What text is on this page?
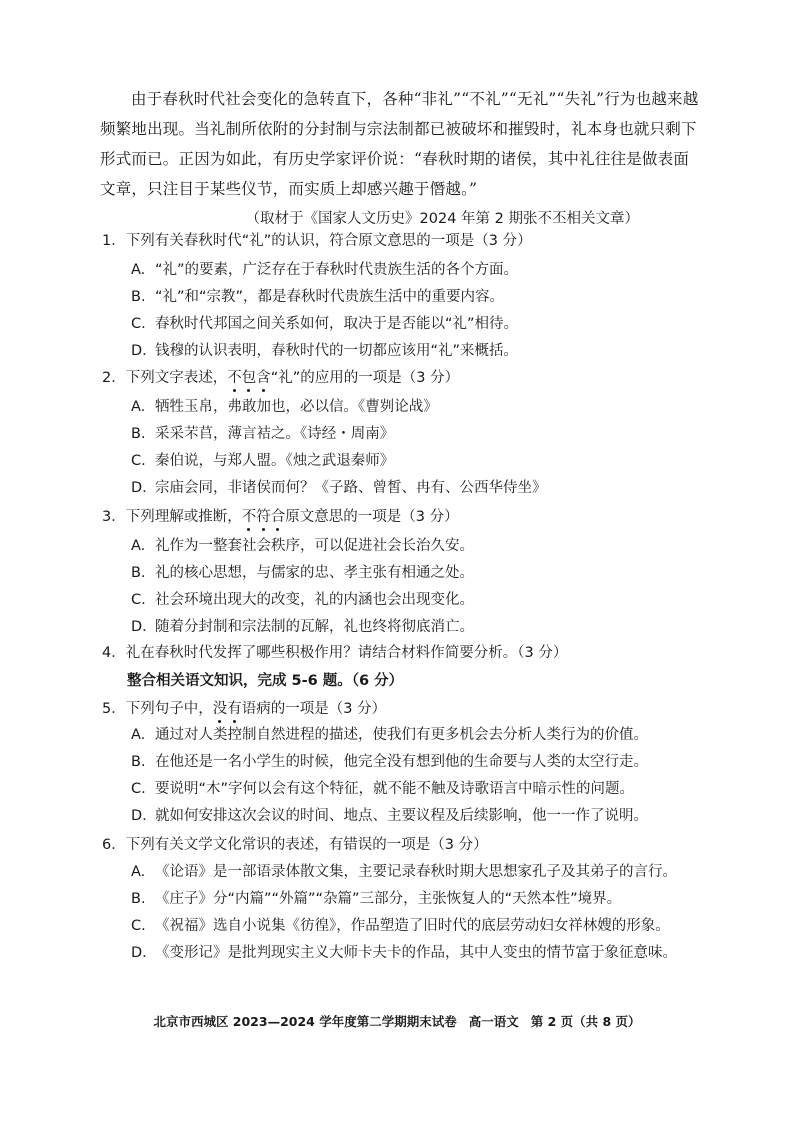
由于春秋时代社会变化的急转直下，各种“非礼”“不礼”“无礼”“失礼”行为也越来越频繁地出现。当礼制所依附的分封制与宗法制都已被破坏和摧毁时，礼本身也就只剩下形式而已。正因为如此，有历史学家评价说：“春秋时期的诸侯，其中礼往往是做表面文章，只注目于某些仪节，而实质上却感兴趣于僭越。”

（取材于《国家人文历史》2024 年第 2 期张不丕相关文章）

1．下列有关春秋时代“礼”的认识，符合原文意思的一项是（3 分）

A. “礼”的要素，广泛存在于春秋时代贵族生活的各个方面。

B. “礼”和“宗教”，都是春秋时代贵族生活中的重要内容。

C. 春秋时代邦国之间关系如何，取决于是否能以“礼”相待。

D. 钱穆的认识表明，春秋时代的一切都应该用“礼”来概括。

2．下列文字表述，不包含“礼”的应用的一项是（3 分）

A. 牺牲玉帛，弗敢加也，必以信。《曹刿论战》

B. 采采芣苢，薄言袺之。《诗经・周南》

C. 秦伯说，与郑人盟。《烛之武退秦师》

D. 宗庙会同，非诸侯而何？《子路、曾皙、冉有、公西华侍坐》

3．下列理解或推断，不符合原文意思的一项是（3 分）

A. 礼作为一整套社会秩序，可以促进社会长治久安。

B. 礼的核心思想，与儒家的忠、孝主张有相通之处。

C. 社会环境出现大的改变，礼的内涵也会出现变化。

D. 随着分封制和宗法制的瓦解，礼也终将彻底消亡。

4．礼在春秋时代发挥了哪些积极作用？请结合材料作简要分析。（3 分）

整合相关语文知识，完成 5-6 题。（6 分）

5．下列句子中，没有语病的一项是（3 分）

A. 通过对人类控制自然进程的描述，使我们有更多机会去分析人类行为的价值。

B. 在他还是一名小学生的时候，他完全没有想到他的生命要与人类的太空行走。

C. 要说明“木”字何以会有这个特征，就不能不触及诗歌语言中暗示性的问题。

D. 就如何安排这次会议的时间、地点、主要议程及后续影响，他一一作了说明。

6．下列有关文学文化常识的表述，有错误的一项是（3 分）

A. 《论语》是一部语录体散文集，主要记录春秋时期大思想家孔子及其弟子的言行。

B. 《庄子》分“内篇”“外篇”“杂篇”三部分，主张恢复人的“天然本性”境界。

C. 《祝福》选自小说集《彷徨》，作品塑造了旧时代的底层劳动妇女祥林嫂的形象。

D. 《变形记》是批判现实主义大师卡夫卡的作品，其中人变虫的情节富于象征意味。

北京市西城区 2023—2024 学年度第二学期期末试卷 高一语文 第 2 页（共 8 页）
